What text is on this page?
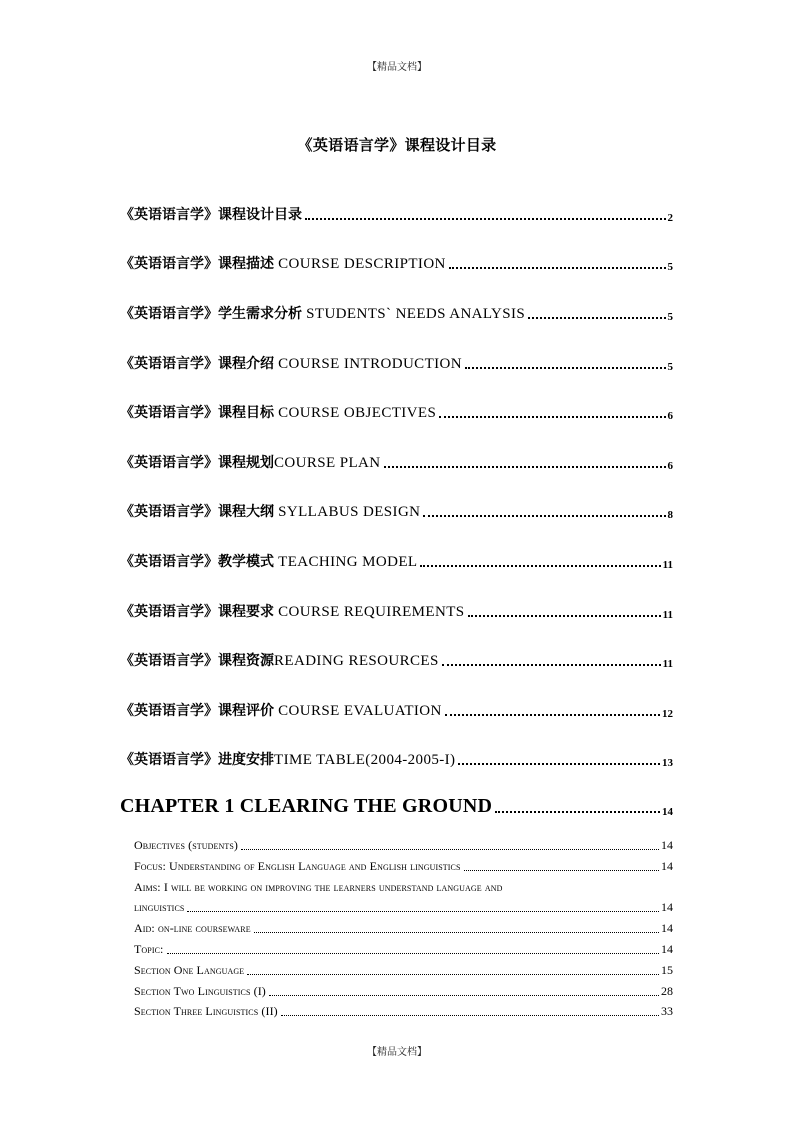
【精品文档】
《英语语言学》课程设计目录
《英语语言学》课程设计目录	2
《英语语言学》课程描述 COURSE DESCRIPTION	5
《英语语言学》学生需求分析 STUDENTS` NEEDS ANALYSIS	5
《英语语言学》课程介绍 COURSE INTRODUCTION	5
《英语语言学》课程目标 COURSE OBJECTIVES	6
《英语语言学》课程规划COURSE PLAN	6
《英语语言学》课程大纲 SYLLABUS DESIGN	8
《英语语言学》教学模式 TEACHING MODEL	11
《英语语言学》课程要求 COURSE REQUIREMENTS	11
《英语语言学》课程资源READING RESOURCES	11
《英语语言学》课程评价 COURSE EVALUATION	12
《英语语言学》进度安排TIME TABLE(2004-2005-I)	13
CHAPTER 1 CLEARING THE GROUND	14
Objectives (students)	14
Focus: Understanding of English Language and English linguistics	14
Aims: I will be working on improving the learners understand language and
linguistics	14
Aid: on-line courseware	14
Topic:	14
Section One Language	15
Section Two Linguistics (I)	28
Section Three Linguistics (II)	33
【精品文档】
